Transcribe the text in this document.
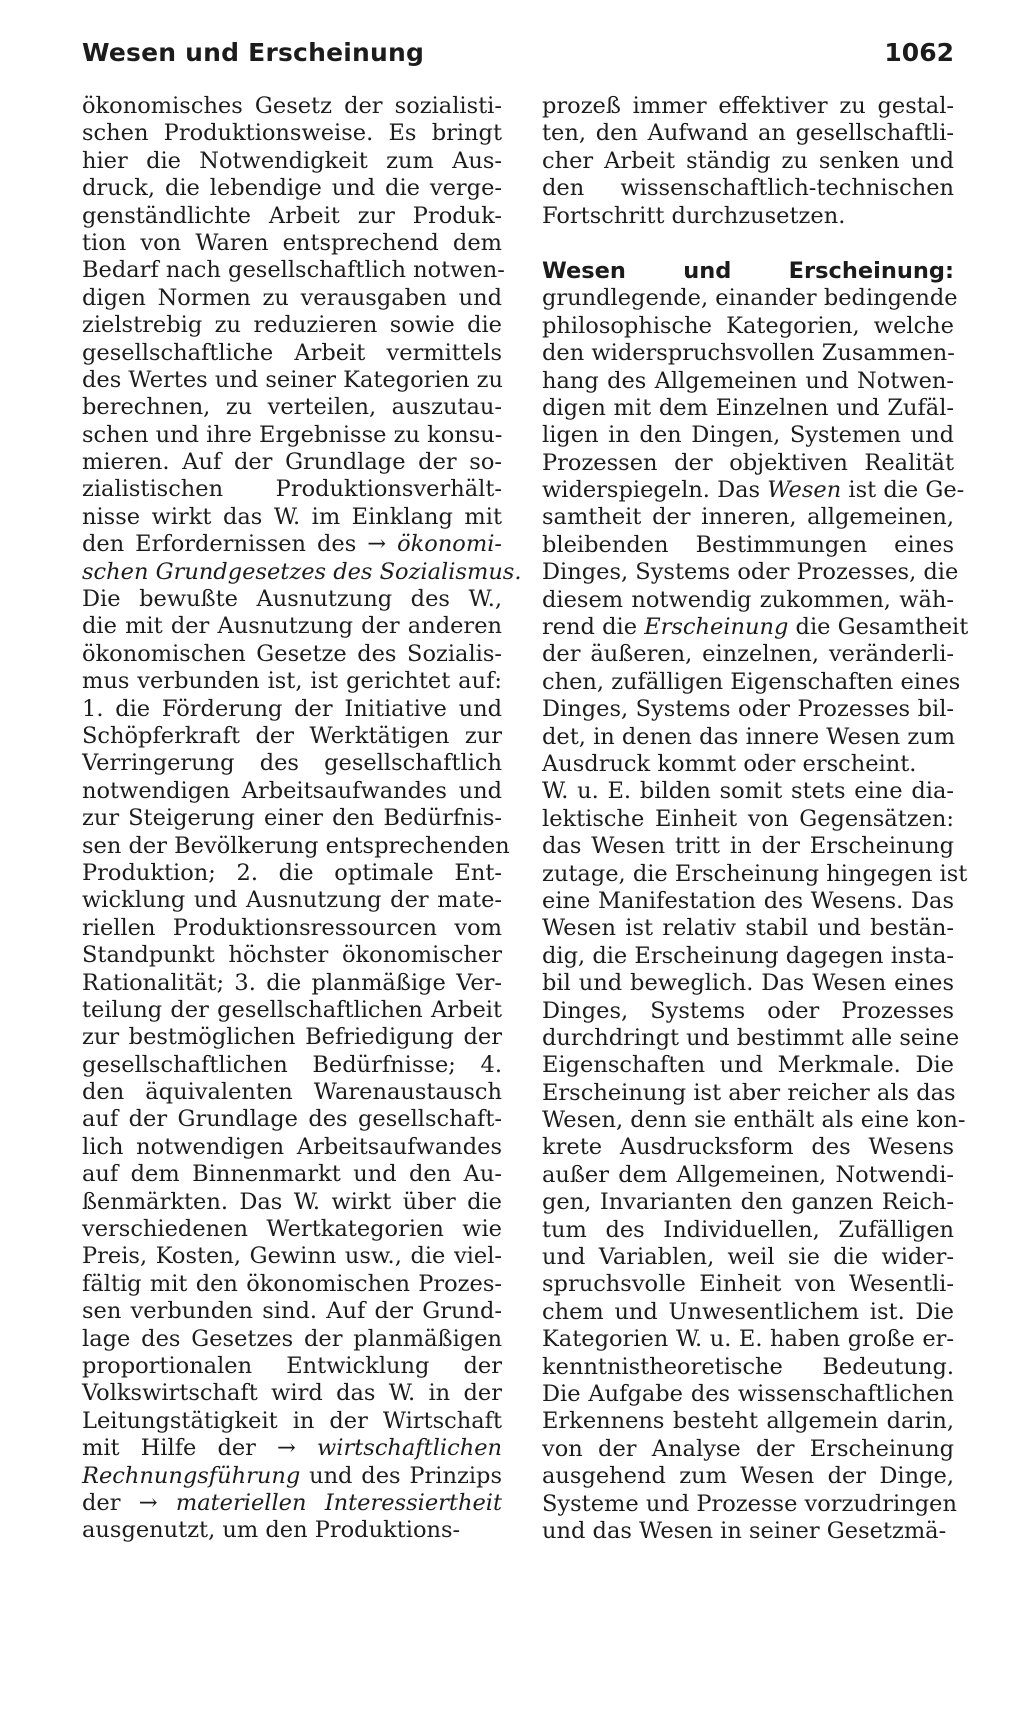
Wesen und Erscheinung	1062
ökonomisches Gesetz der sozialisti-
schen Produktionsweise. Es bringt
hier die Notwendigkeit zum Aus-
druck, die lebendige und die verge-
genständlichte Arbeit zur Produk-
tion von Waren entsprechend dem
Bedarf nach gesellschaftlich notwen-
digen Normen zu verausgaben und
zielstrebig zu reduzieren sowie die
gesellschaftliche Arbeit vermittels
des Wertes und seiner Kategorien zu
berechnen, zu verteilen, auszutau-
schen und ihre Ergebnisse zu konsu-
mieren. Auf der Grundlage der so-
zialistischen Produktionsverhält-
nisse wirkt das W. im Einklang mit
den Erfordernissen des → ökonomi-
schen Grundgesetzes des Sozialismus.
Die bewußte Ausnutzung des W.,
die mit der Ausnutzung der anderen
ökonomischen Gesetze des Sozialis-
mus verbunden ist, ist gerichtet auf:
1. die Förderung der Initiative und
Schöpferkraft der Werktätigen zur
Verringerung des gesellschaftlich
notwendigen Arbeitsaufwandes und
zur Steigerung einer den Bedürfnis-
sen der Bevölkerung entsprechenden
Produktion; 2. die optimale Ent-
wicklung und Ausnutzung der mate-
riellen Produktionsressourcen vom
Standpunkt höchster ökonomischer
Rationalität; 3. die planmäßige Ver-
teilung der gesellschaftlichen Arbeit
zur bestmöglichen Befriedigung der
gesellschaftlichen Bedürfnisse; 4.
den äquivalenten Warenaustausch
auf der Grundlage des gesellschaft-
lich notwendigen Arbeitsaufwandes
auf dem Binnenmarkt und den Au-
ßenmärkten. Das W. wirkt über die
verschiedenen Wertkategorien wie
Preis, Kosten, Gewinn usw., die viel-
fältig mit den ökonomischen Prozes-
sen verbunden sind. Auf der Grund-
lage des Gesetzes der planmäßigen
proportionalen Entwicklung der
Volkswirtschaft wird das W. in der
Leitungstätigkeit in der Wirtschaft
mit Hilfe der → wirtschaftlichen
Rechnungsführung und des Prinzips
der → materiellen Interessiertheit
ausgenutzt, um den Produktions-
prozeß immer effektiver zu gestal-
ten, den Aufwand an gesellschaftli-
cher Arbeit ständig zu senken und
den wissenschaftlich-technischen
Fortschritt durchzusetzen.
Wesen und Erscheinung:
grundlegende, einander bedingende
philosophische Kategorien, welche
den widerspruchsvollen Zusammen-
hang des Allgemeinen und Notwen-
digen mit dem Einzelnen und Zufäl-
ligen in den Dingen, Systemen und
Prozessen der objektiven Realität
widerspiegeln. Das Wesen ist die Ge-
samtheit der inneren, allgemeinen,
bleibenden Bestimmungen eines
Dinges, Systems oder Prozesses, die
diesem notwendig zukommen, wäh-
rend die Erscheinung die Gesamtheit
der äußeren, einzelnen, veränderli-
chen, zufälligen Eigenschaften eines
Dinges, Systems oder Prozesses bil-
det, in denen das innere Wesen zum
Ausdruck kommt oder erscheint.
W. u. E. bilden somit stets eine dia-
lektische Einheit von Gegensätzen:
das Wesen tritt in der Erscheinung
zutage, die Erscheinung hingegen ist
eine Manifestation des Wesens. Das
Wesen ist relativ stabil und bestän-
dig, die Erscheinung dagegen insta-
bil und beweglich. Das Wesen eines
Dinges, Systems oder Prozesses
durchdringt und bestimmt alle seine
Eigenschaften und Merkmale. Die
Erscheinung ist aber reicher als das
Wesen, denn sie enthält als eine kon-
krete Ausdrucksform des Wesens
außer dem Allgemeinen, Notwendi-
gen, Invarianten den ganzen Reich-
tum des Individuellen, Zufälligen
und Variablen, weil sie die wider-
spruchsvolle Einheit von Wesentli-
chem und Unwesentlichem ist. Die
Kategorien W. u. E. haben große er-
kenntnistheoretische Bedeutung.
Die Aufgabe des wissenschaftlichen
Erkennens besteht allgemein darin,
von der Analyse der Erscheinung
ausgehend zum Wesen der Dinge,
Systeme und Prozesse vorzudringen
und das Wesen in seiner Gesetzmä-
